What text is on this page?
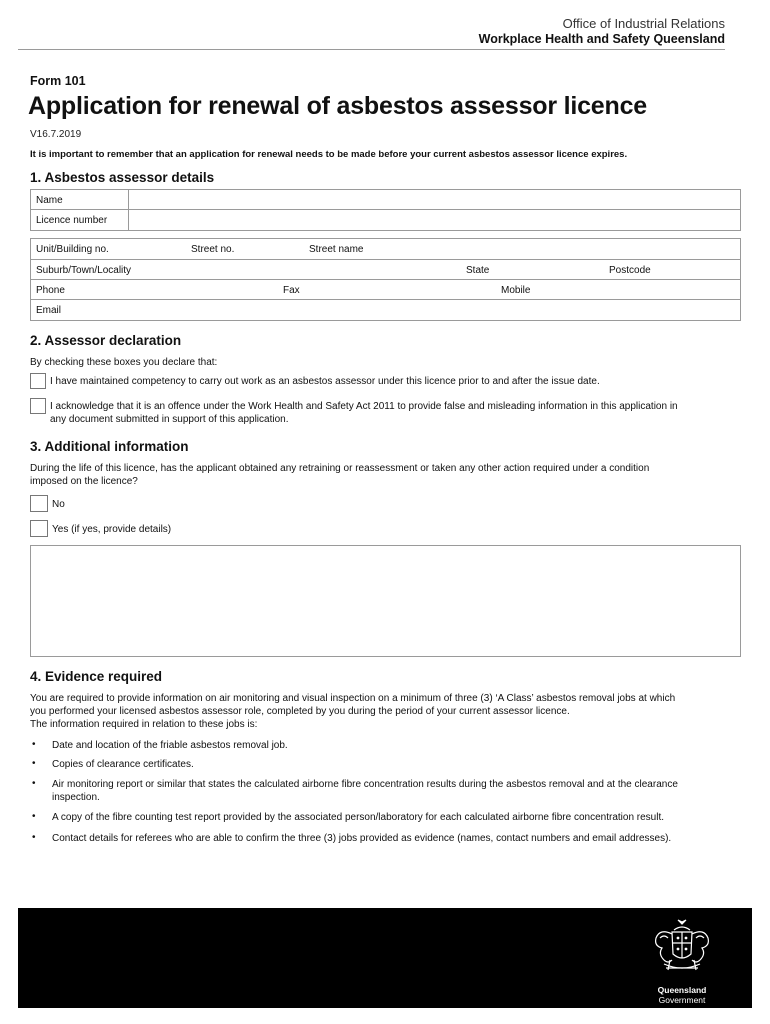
Office of Industrial Relations
Workplace Health and Safety Queensland
Form 101
Application for renewal of asbestos assessor licence
V16.7.2019
It is important to remember that an application for renewal needs to be made before your current asbestos assessor licence expires.
1. Asbestos assessor details
Name
Licence number
Unit/Building no.	Street no.	Street name
Suburb/Town/Locality	State	Postcode
Phone	Fax	Mobile
Email
2. Assessor declaration
By checking these boxes you declare that:
I have maintained competency to carry out work as an asbestos assessor under this licence prior to and after the issue date.
I acknowledge that it is an offence under the Work Health and Safety Act 2011 to provide false and misleading information in this application in
any document submitted in support of this application.
3. Additional information
During the life of this licence, has the applicant obtained any retraining or reassessment or taken any other action required under a condition
imposed on the licence?
No
Yes (if yes, provide details)
4. Evidence required
You are required to provide information on air monitoring and visual inspection on a minimum of three (3) ‘A Class’ asbestos removal jobs at which
you performed your licensed asbestos assessor role, completed by you during the period of your current assessor licence.
The information required in relation to these jobs is:
• Date and location of the friable asbestos removal job.
• Copies of clearance certificates.
• Air monitoring report or similar that states the calculated airborne fibre concentration results during the asbestos removal and at the clearance inspection.
• A copy of the fibre counting test report provided by the associated person/laboratory for each calculated airborne fibre concentration result.
• Contact details for referees who are able to confirm the three (3) jobs provided as evidence (names, contact numbers and email addresses).
Queensland
Government
